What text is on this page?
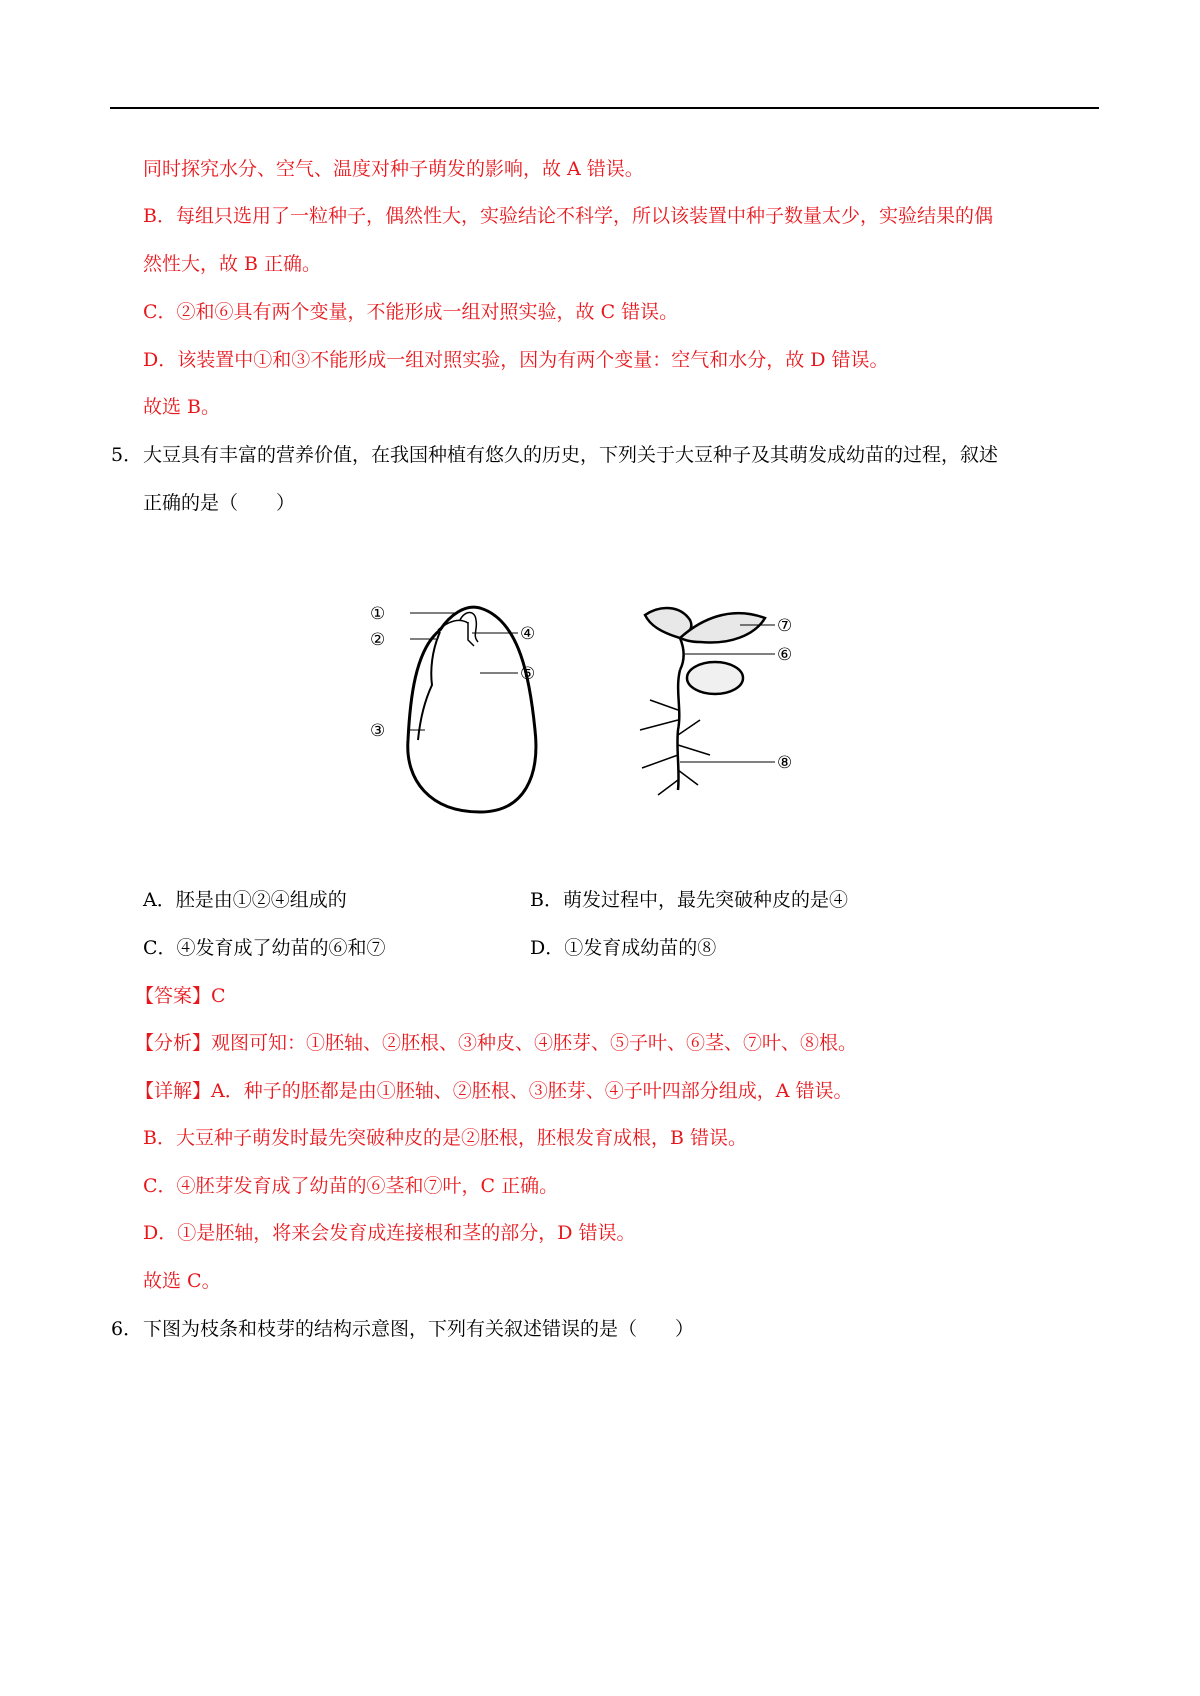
同时探究水分、空气、温度对种子萌发的影响，故 A 错误。
B．每组只选用了一粒种子，偶然性大，实验结论不科学，所以该装置中种子数量太少，实验结果的偶
然性大，故 B 正确。
C．②和⑥具有两个变量，不能形成一组对照实验，故 C 错误。
D．该装置中①和③不能形成一组对照实验，因为有两个变量：空气和水分，故 D 错误。
故选 B。
5． 大豆具有丰富的营养价值，在我国种植有悠久的历史，下列关于大豆种子及其萌发成幼苗的过程，叙述
正确的是（　　）
①
②
③
④
⑤
⑦
⑥
⑧
A．胚是由①②④组成的	B．萌发过程中，最先突破种皮的是④
C．④发育成了幼苗的⑥和⑦	D．①发育成幼苗的⑧
【答案】C
【分析】观图可知：①胚轴、②胚根、③种皮、④胚芽、⑤子叶、⑥茎、⑦叶、⑧根。
【详解】A．种子的胚都是由①胚轴、②胚根、③胚芽、④子叶四部分组成，A 错误。
B．大豆种子萌发时最先突破种皮的是②胚根，胚根发育成根，B 错误。
C．④胚芽发育成了幼苗的⑥茎和⑦叶，C 正确。
D．①是胚轴，将来会发育成连接根和茎的部分，D 错误。
故选 C。
6． 下图为枝条和枝芽的结构示意图，下列有关叙述错误的是（　　）
